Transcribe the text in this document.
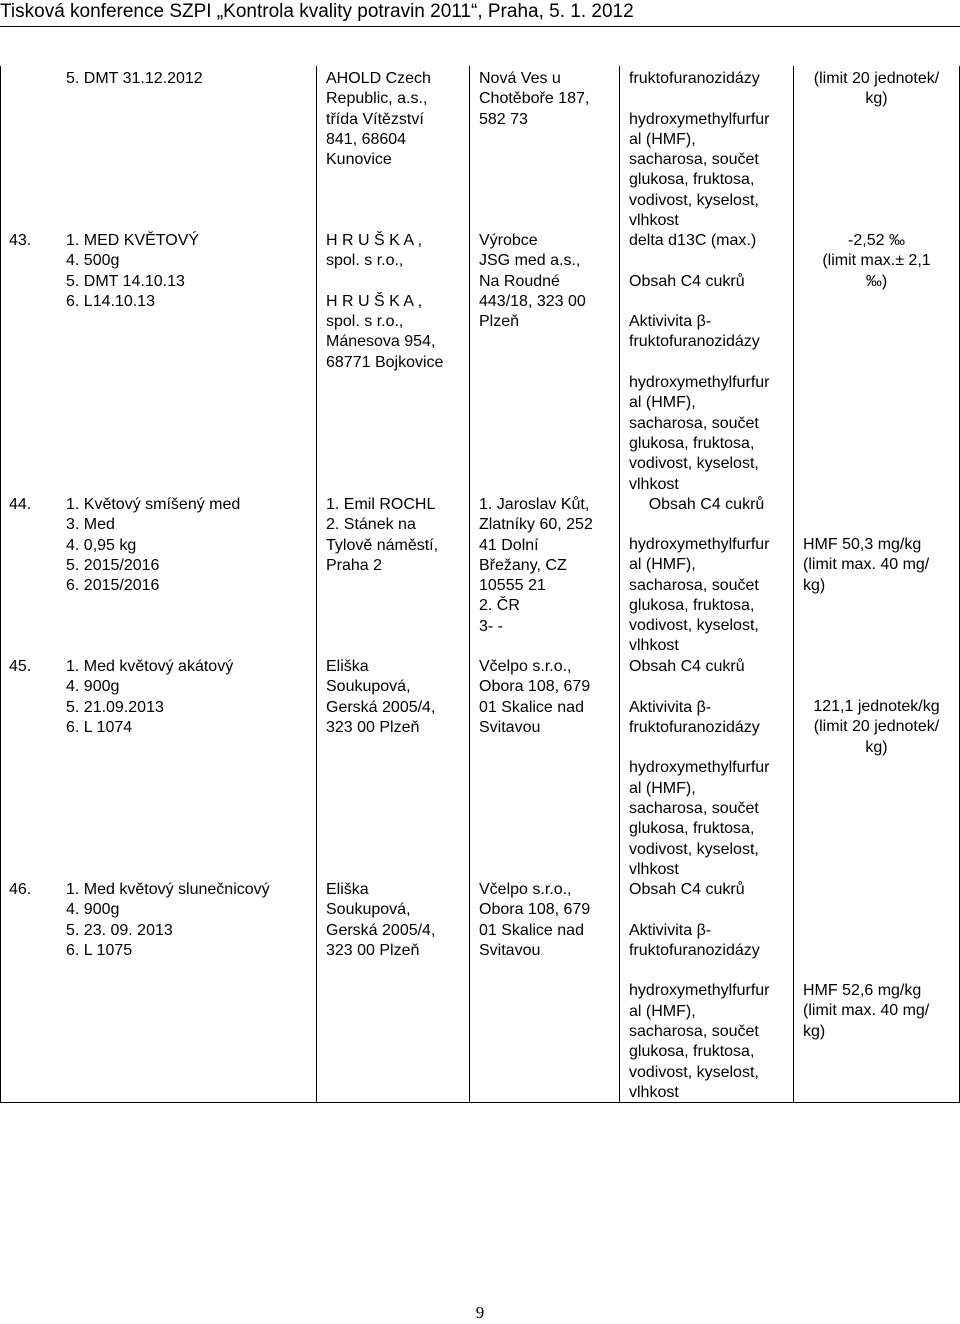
Tisková konference SZPI „Kontrola kvality potravin 2011“, Praha, 5. 1. 2012
5. DMT 31.12.2012	AHOLD Czech
Republic, a.s.,
třída Vítězství
841, 68604
Kunovice
Nová Ves u
Chotěboře 187,
582 73
fruktofuranozidázy

hydroxymethylfurfur
al (HMF),
sacharosa, součet
glukosa, fruktosa,
vodivost, kyselost,
vlhkost
(limit 20 jednotek/
kg)
43. 1. MED KVĚTOVÝ
4. 500g
5. DMT 14.10.13
6. L14.10.13
H R U Š K A ,
spol. s r.o.,

H R U Š K A ,
spol. s r.o.,
Mánesova 954,
68771 Bojkovice
Výrobce
JSG med a.s.,
Na Roudné
443/18, 323 00
Plzeň
delta d13C (max.)

Obsah C4 cukrů

Aktivivita β-
fruktofuranozidázy

hydroxymethylfurfur
al (HMF),
sacharosa, součet
glukosa, fruktosa,
vodivost, kyselost,
vlhkost
-2,52 ‰
(limit max.± 2,1
‰)
44. 1. Květový smíšený med
3. Med
4. 0,95 kg
5. 2015/2016
6. 2015/2016
1. Emil ROCHL
2. Stánek na
Tylově náměstí,
Praha 2
1. Jaroslav Kůt,
Zlatníky 60, 252
41 Dolní
Břežany, CZ
10555 21
2. ČR
3- -
Obsah C4 cukrů
hydroxymethylfurfur
al (HMF),
sacharosa, součet
glukosa, fruktosa,
vodivost, kyselost,
vlhkost
HMF 50,3 mg/kg
(limit max. 40 mg/
kg)
45. 1. Med květový akátový
4. 900g
5. 21.09.2013
6. L 1074
Eliška
Soukupová,
Gerská 2005/4,
323 00 Plzeň
Včelpo s.r.o.,
Obora 108, 679
01 Skalice nad
Svitavou
Obsah C4 cukrů

Aktivivita β-
fruktofuranozidázy

hydroxymethylfurfur
al (HMF),
sacharosa, součet
glukosa, fruktosa,
vodivost, kyselost,
vlhkost
121,1 jednotek/kg
(limit 20 jednotek/
kg)
46. 1. Med květový slunečnicový
4. 900g
5. 23. 09. 2013
6. L 1075
Eliška
Soukupová,
Gerská 2005/4,
323 00 Plzeň
Včelpo s.r.o.,
Obora 108, 679
01 Skalice nad
Svitavou
Obsah C4 cukrů

Aktivivita β-
fruktofuranozidázy

hydroxymethylfurfur
al (HMF),
sacharosa, součet
glukosa, fruktosa,
vodivost, kyselost,
vlhkost
HMF 52,6 mg/kg
(limit max. 40 mg/
kg)
9
